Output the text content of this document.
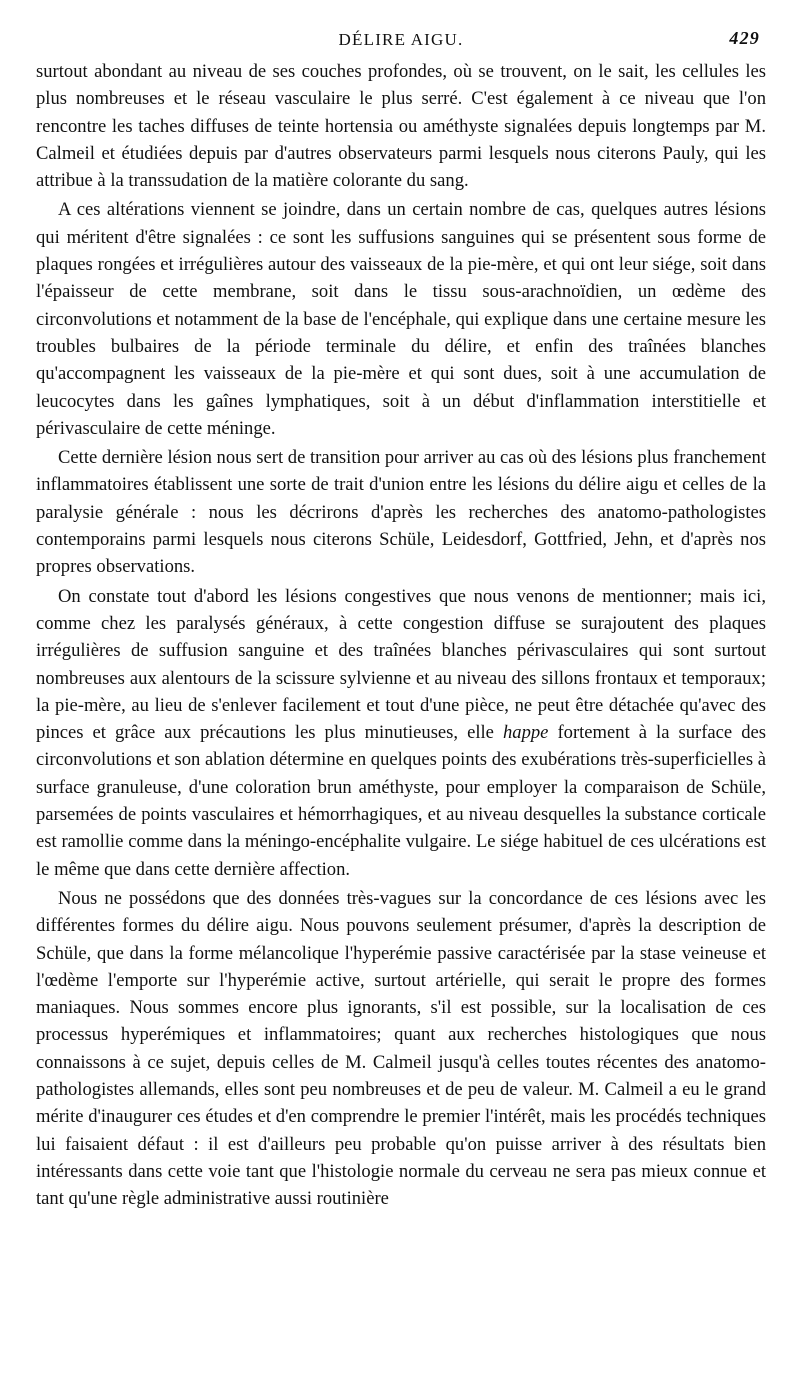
DÉLIRE AIGU.	429

surtout abondant au niveau de ses couches profondes, où se trouvent, on le sait, les cellules les plus nombreuses et le réseau vasculaire le plus serré. C'est également à ce niveau que l'on rencontre les taches diffuses de teinte hortensia ou améthyste signalées depuis longtemps par M. Calmeil et étudiées depuis par d'autres observateurs parmi lesquels nous citerons Pauly, qui les attribue à la transsudation de la matière colorante du sang.

A ces altérations viennent se joindre, dans un certain nombre de cas, quelques autres lésions qui méritent d'être signalées : ce sont les suffusions sanguines qui se présentent sous forme de plaques rongées et irrégulières autour des vaisseaux de la pie-mère, et qui ont leur siége, soit dans l'épaisseur de cette membrane, soit dans le tissu sous-arachnoïdien, un œdème des circonvolutions et notamment de la base de l'encéphale, qui explique dans une certaine mesure les troubles bulbaires de la période terminale du délire, et enfin des traînées blanches qu'accompagnent les vaisseaux de la pie-mère et qui sont dues, soit à une accumulation de leucocytes dans les gaînes lymphatiques, soit à un début d'inflammation interstitielle et périvasculaire de cette méninge.

Cette dernière lésion nous sert de transition pour arriver au cas où des lésions plus franchement inflammatoires établissent une sorte de trait d'union entre les lésions du délire aigu et celles de la paralysie générale : nous les décrirons d'après les recherches des anatomo-pathologistes contemporains parmi lesquels nous citerons Schüle, Leidesdorf, Gottfried, Jehn, et d'après nos propres observations.

On constate tout d'abord les lésions congestives que nous venons de mentionner; mais ici, comme chez les paralysés généraux, à cette congestion diffuse se surajoutent des plaques irrégulières de suffusion sanguine et des traînées blanches périvasculaires qui sont surtout nombreuses aux alentours de la scissure sylvienne et au niveau des sillons frontaux et temporaux; la pie-mère, au lieu de s'enlever facilement et tout d'une pièce, ne peut être détachée qu'avec des pinces et grâce aux précautions les plus minutieuses, elle happe fortement à la surface des circonvolutions et son ablation détermine en quelques points des exubérations très-superficielles à surface granuleuse, d'une coloration brun améthyste, pour employer la comparaison de Schüle, parsemées de points vasculaires et hémorrhagiques, et au niveau desquelles la substance corticale est ramollie comme dans la méningo-encéphalite vulgaire. Le siége habituel de ces ulcérations est le même que dans cette dernière affection.

Nous ne possédons que des données très-vagues sur la concordance de ces lésions avec les différentes formes du délire aigu. Nous pouvons seulement présumer, d'après la description de Schüle, que dans la forme mélancolique l'hyperémie passive caractérisée par la stase veineuse et l'œdème l'emporte sur l'hyperémie active, surtout artérielle, qui serait le propre des formes maniaques. Nous sommes encore plus ignorants, s'il est possible, sur la localisation de ces processus hyperémiques et inflammatoires; quant aux recherches histologiques que nous connaissons à ce sujet, depuis celles de M. Calmeil jusqu'à celles toutes récentes des anatomo-pathologistes allemands, elles sont peu nombreuses et de peu de valeur. M. Calmeil a eu le grand mérite d'inaugurer ces études et d'en comprendre le premier l'intérêt, mais les procédés techniques lui faisaient défaut : il est d'ailleurs peu probable qu'on puisse arriver à des résultats bien intéressants dans cette voie tant que l'histologie normale du cerveau ne sera pas mieux connue et tant qu'une règle administrative aussi routinière
